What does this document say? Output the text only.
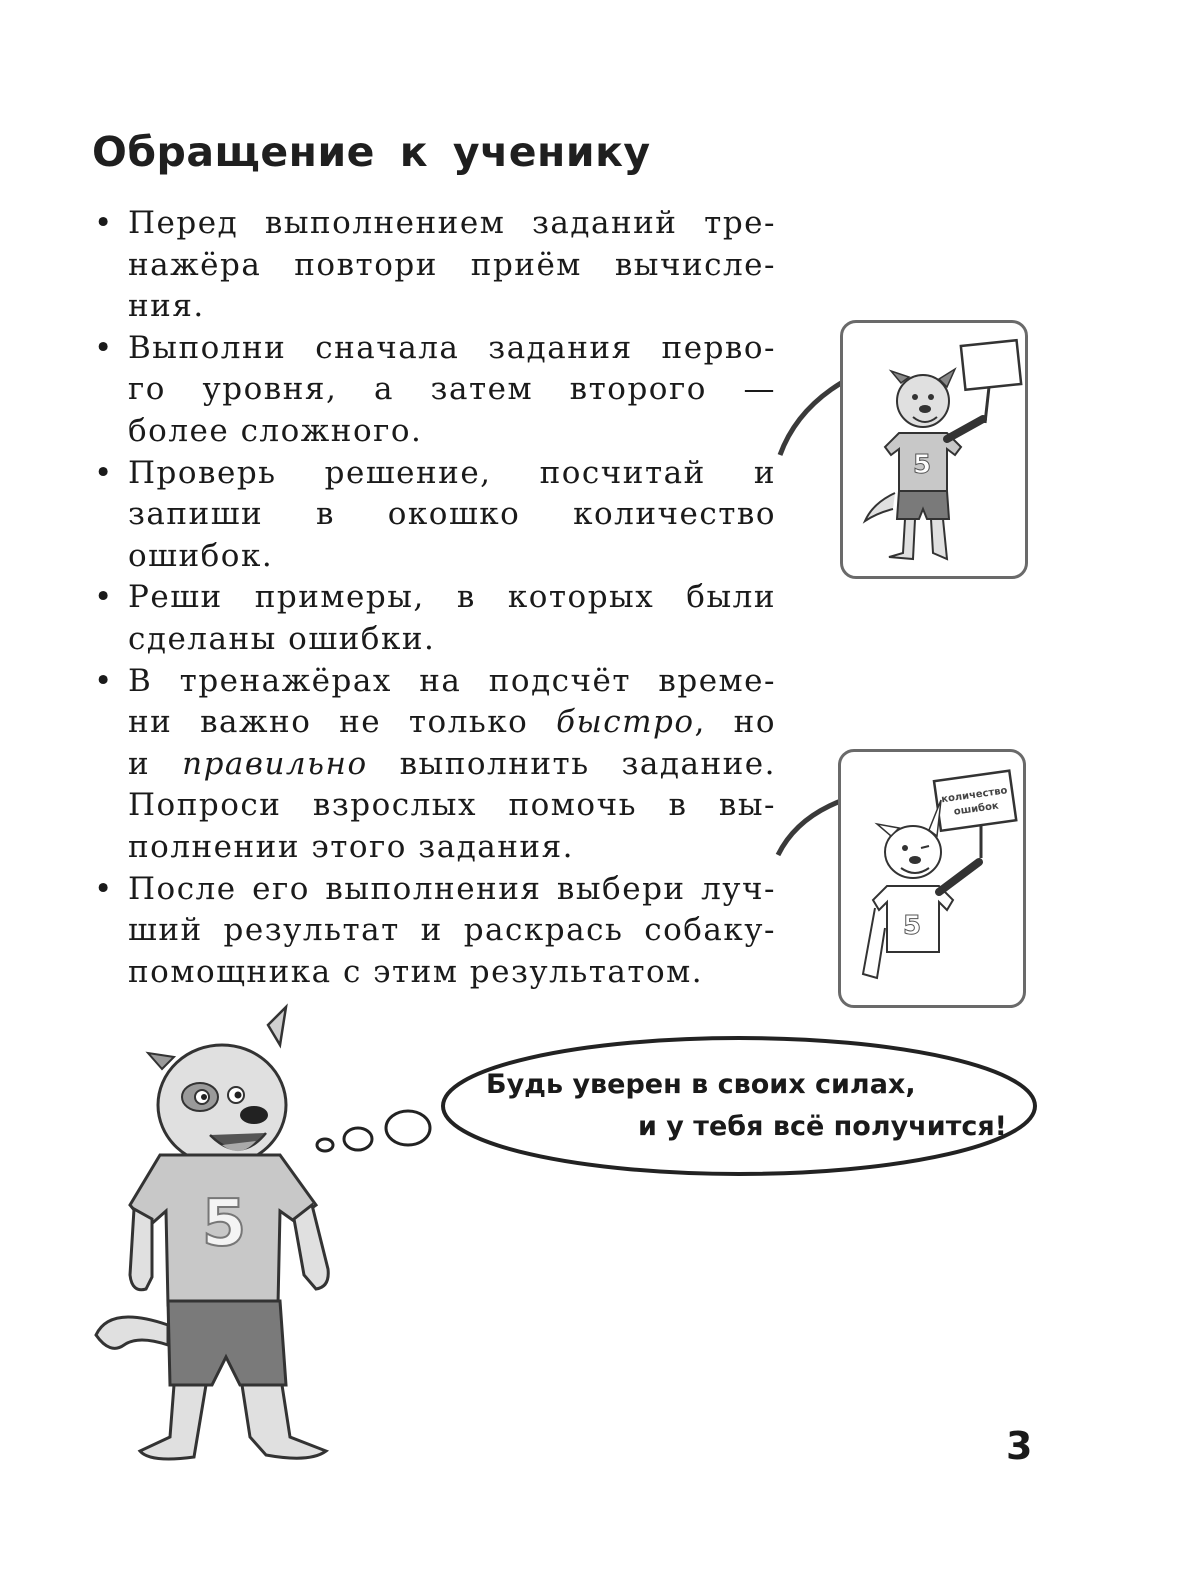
Обращение к ученику
• Перед выполнением заданий тре-
нажёра повтори приём вычисле-
ния.
• Выполни сначала задания перво-
го уровня, а затем второго —
более сложного.
• Проверь решение, посчитай и
запиши в окошко количество
ошибок.
• Реши примеры, в которых были
сделаны ошибки.
• В тренажёрах на подсчёт време-
ни важно не только быстро, но
и правильно выполнить задание.
Попроси взрослых помочь в вы-
полнении этого задания.
• После его выполнения выбери луч-
ший результат и раскрась собаку-
помощника с этим результатом.
5
количество
ошибок
5
5
Будь уверен в своих силах,
и у тебя всё получится!
3
